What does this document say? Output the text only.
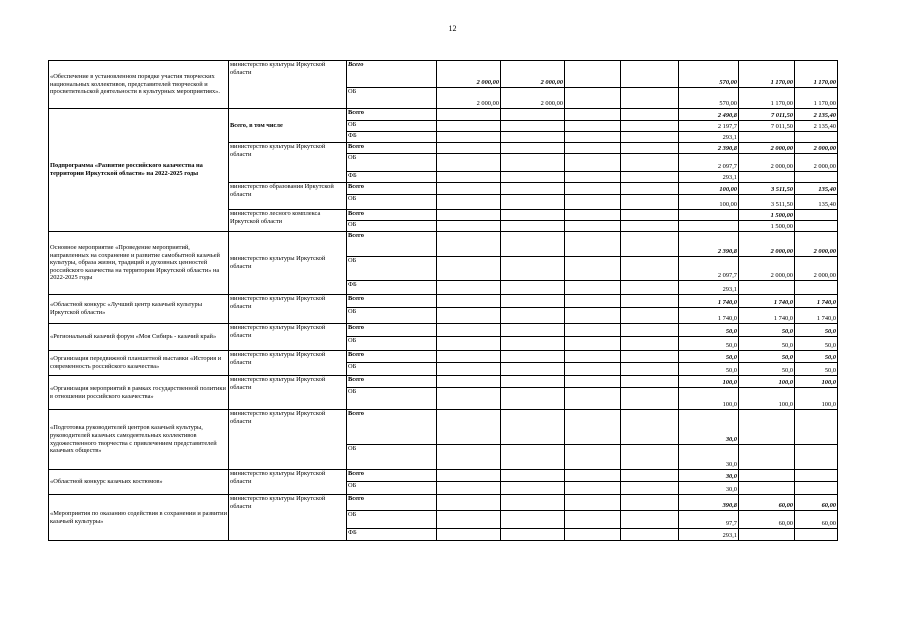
12
«Обеспечение в установленном порядке участия творческих национальных коллективов, представителей творческой и просветительской деятельности в культурных мероприятиях».	министерство культуры Иркутской области	Всего	2 000,00	2 000,00			570,00	1 170,00	1 170,00	
		ОБ	2 000,00	2 000,00			570,00	1 170,00	1 170,00	
Подпрограмма «Развитие российского казачества на территории Иркутской области» на 2022-2025 годы	Всего, в том числе	Всего					2 490,8	7 011,50	2 135,40	
		ОБ					2 197,7	7 011,50	2 135,40	
		ФБ					293,1			
	министерство культуры Иркутской области	Всего					2 390,8	2 000,00	2 000,00	
		ОБ					2 097,7	2 000,00	2 000,00	
		ФБ					293,1			
	министерство образования Иркутской области	Всего					100,00	3 511,50	135,40	
		ОБ					100,00	3 511,50	135,40	
	министерство лесного комплекса Иркутской области	Всего						1 500,00		
		ОБ						1 500,00		
Основное мероприятие «Проведение мероприятий, направленных на сохранение и развитие самобытной казачьей культуры, образа жизни, традиций и духовных ценностей российского казачества на территории Иркутской области» на 2022-2025 годы	министерство культуры Иркутской области	Всего					2 390,8	2 000,00	2 000,00	
		ОБ					2 097,7	2 000,00	2 000,00	
		ФБ					293,1			
«Областной конкурс «Лучший центр казачьей культуры Иркутской области»	министерство культуры Иркутской области	Всего					1 740,0	1 740,0	1 740,0	
		ОБ					1 740,0	1 740,0	1 740,0	
«Региональный казачий форум «Моя Сибирь - казачий край»	министерство культуры Иркутской области	Всего					50,0	50,0	50,0	
		ОБ					50,0	50,0	50,0	
«Организация передвижной планшетной выставки «История и современность российского казачества»	министерство культуры Иркутской области	Всего					50,0	50,0	50,0	
		ОБ					50,0	50,0	50,0	
«Организация мероприятий в рамках государственной политики в отношении российского казачества»	министерство культуры Иркутской области	Всего					100,0	100,0	100,0	
		ОБ					100,0	100,0	100,0	
«Подготовка руководителей центров казачьей культуры, руководителей казачьих самодеятельных коллективов художественного творчества с привлечением представителей казачьих обществ»	министерство культуры Иркутской области	Всего					30,0			
		ОБ					30,0			
«Областной конкурс казачьих костюмов»	министерство культуры Иркутской области	Всего					30,0			
		ОБ					30,0			
«Мероприятия по оказанию содействия в сохранении и развитии казачьей культуры»	министерство культуры Иркутской области	Всего					390,8	60,00	60,00	
		ОБ					97,7	60,00	60,00	
		ФБ					293,1			
